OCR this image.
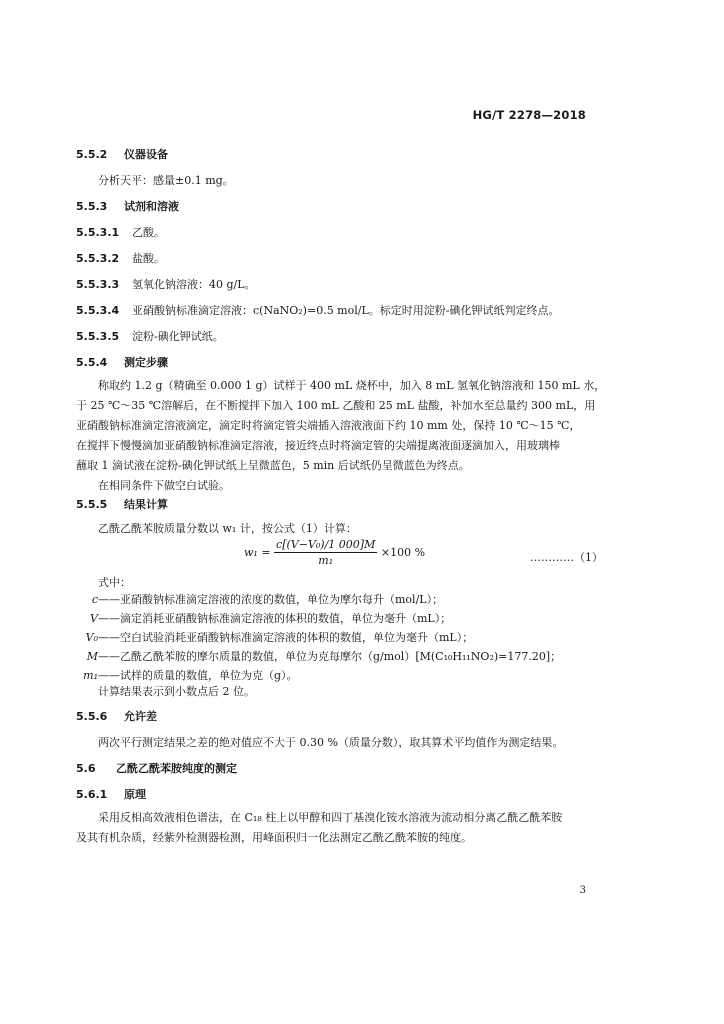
HG/T 2278—2018
5.5.2 仪器设备
分析天平：感量±0.1 mg。
5.5.3 试剂和溶液
5.5.3.1 乙酸。
5.5.3.2 盐酸。
5.5.3.3 氢氧化钠溶液：40 g/L。
5.5.3.4 亚硝酸钠标准滴定溶液：c(NaNO₂)=0.5 mol/L。标定时用淀粉-碘化钾试纸判定终点。
5.5.3.5 淀粉-碘化钾试纸。
5.5.4 测定步骤

称取约 1.2 g（精确至 0.000 1 g）试样于 400 mL 烧杯中，加入 8 mL 氢氧化钠溶液和 150 mL 水，

于 25 ℃～35 ℃溶解后，在不断搅拌下加入 100 mL 乙酸和 25 mL 盐酸，补加水至总量约 300 mL，用

亚硝酸钠标准滴定溶液滴定，滴定时将滴定管尖端插入溶液液面下约 10 mm 处，保持 10 ℃～15 ℃，

在搅拌下慢慢滴加亚硝酸钠标准滴定溶液，接近终点时将滴定管的尖端提离液面逐滴加入，用玻璃棒

蘸取 1 滴试液在淀粉-碘化钾试纸上呈微蓝色，5 min 后试纸仍呈微蓝色为终点。

在相同条件下做空白试验。

5.5.5 结果计算
乙酰乙酰苯胺质量分数以 w₁ 计，按公式（1）计算：
$w_1 = \frac{\text{c[(V−V₀)/1 000]M}}{\text{m₁}} \times 100$ %	…………（1）
式中：
c——亚硝酸钠标准滴定溶液的浓度的数值，单位为摩尔每升（mol/L）；
V——滴定消耗亚硝酸钠标准滴定溶液的体积的数值，单位为毫升（mL）；
V₀——空白试验消耗亚硝酸钠标准滴定溶液的体积的数值，单位为毫升（mL）；
M——乙酰乙酰苯胺的摩尔质量的数值，单位为克每摩尔（g/mol）[M(C₁₀H₁₁NO₂)=177.20]；
m₁——试样的质量的数值，单位为克（g）。
计算结果表示到小数点后 2 位。
5.5.6 允许差
两次平行测定结果之差的绝对值应不大于 0.30 %（质量分数），取其算术平均值作为测定结果。
5.6 乙酰乙酰苯胺纯度的测定
5.6.1 原理

采用反相高效液相色谱法，在 C₁₈ 柱上以甲醇和四丁基溴化铵水溶液为流动相分离乙酰乙酰苯胺

及其有机杂质，经紫外检测器检测，用峰面积归一化法测定乙酰乙酰苯胺的纯度。

3
